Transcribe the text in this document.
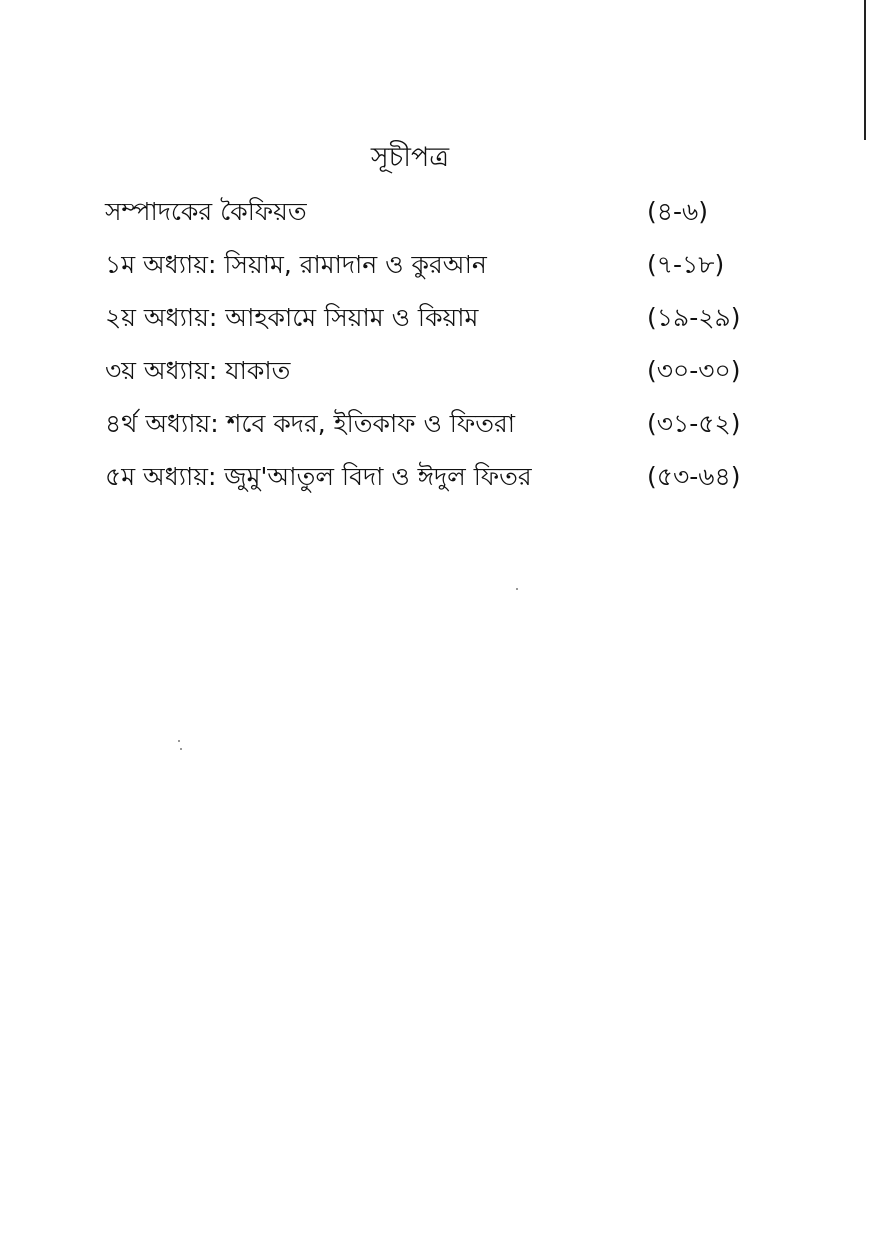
সূচীপত্র
সম্পাদকের কৈফিয়ত	(৪-৬)
১ম অধ্যায়: সিয়াম, রামাদান ও কুরআন	(৭-১৮)
২য় অধ্যায়: আহকামে সিয়াম ও কিয়াম	(১৯-২৯)
৩য় অধ্যায়: যাকাত	(৩০-৩০)
৪র্থ অধ্যায়: শবে কদর, ইতিকাফ ও ফিতরা	(৩১-৫২)
৫ম অধ্যায়: জুমু'আতুল বিদা ও ঈদুল ফিতর	(৫৩-৬৪)
